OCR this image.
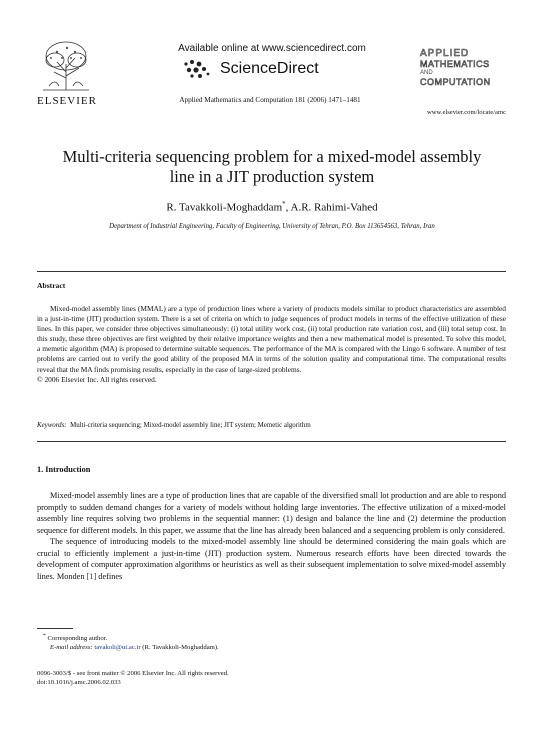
ELSEVIER
Available online at www.sciencedirect.com
ScienceDirect
Applied Mathematics and Computation 181 (2006) 1471–1481
APPLIED
MATHEMATICS
AND
COMPUTATION
www.elsevier.com/locate/amc
Multi-criteria sequencing problem for a mixed-model assembly line in a JIT production system
R. Tavakkoli-Moghaddam*, A.R. Rahimi-Vahed
Department of Industrial Engineering, Faculty of Engineering, University of Tehran, P.O. Box 113654563, Tehran, Iran
Abstract

Mixed-model assembly lines (MMAL) are a type of production lines where a variety of products models similar to product characteristics are assembled in a just-in-time (JIT) production system. There is a set of criteria on which to judge sequences of product models in terms of the effective utilization of these lines. In this paper, we consider three objectives simultaneously: (i) total utility work cost, (ii) total production rate variation cost, and (iii) total setup cost. In this study, these three objectives are first weighted by their relative importance weights and then a new mathematical model is presented. To solve this model, a memetic algorithm (MA) is proposed to determine suitable sequences. The performance of the MA is compared with the Lingo 6 software. A number of test problems are carried out to verify the good ability of the proposed MA in terms of the solution quality and computational time. The computational results reveal that the MA finds promising results, especially in the case of large-sized problems.

© 2006 Elsevier Inc. All rights reserved.

Keywords: Multi-criteria sequencing; Mixed-model assembly line; JIT system; Memetic algorithm
1. Introduction

Mixed-model assembly lines are a type of production lines that are capable of the diversified small lot production and are able to respond promptly to sudden demand changes for a variety of models without holding large inventories. The effective utilization of a mixed-model assembly line requires solving two problems in the sequential manner: (1) design and balance the line and (2) determine the production sequence for different models. In this paper, we assume that the line has already been balanced and a sequencing problem is only considered.

The sequence of introducing models to the mixed-model assembly line should be determined considering the main goals which are crucial to efficiently implement a just-in-time (JIT) production system. Numerous research efforts have been directed towards the development of computer approximation algorithms or heuristics as well as their subsequent implementation to solve mixed-model assembly lines. Monden [1] defines

* Corresponding author.
E-mail address: tavakoli@ut.ac.ir (R. Tavakkoli-Moghaddam).
0096-3003/$ - see front matter © 2006 Elsevier Inc. All rights reserved.
doi:10.1016/j.amc.2006.02.033
